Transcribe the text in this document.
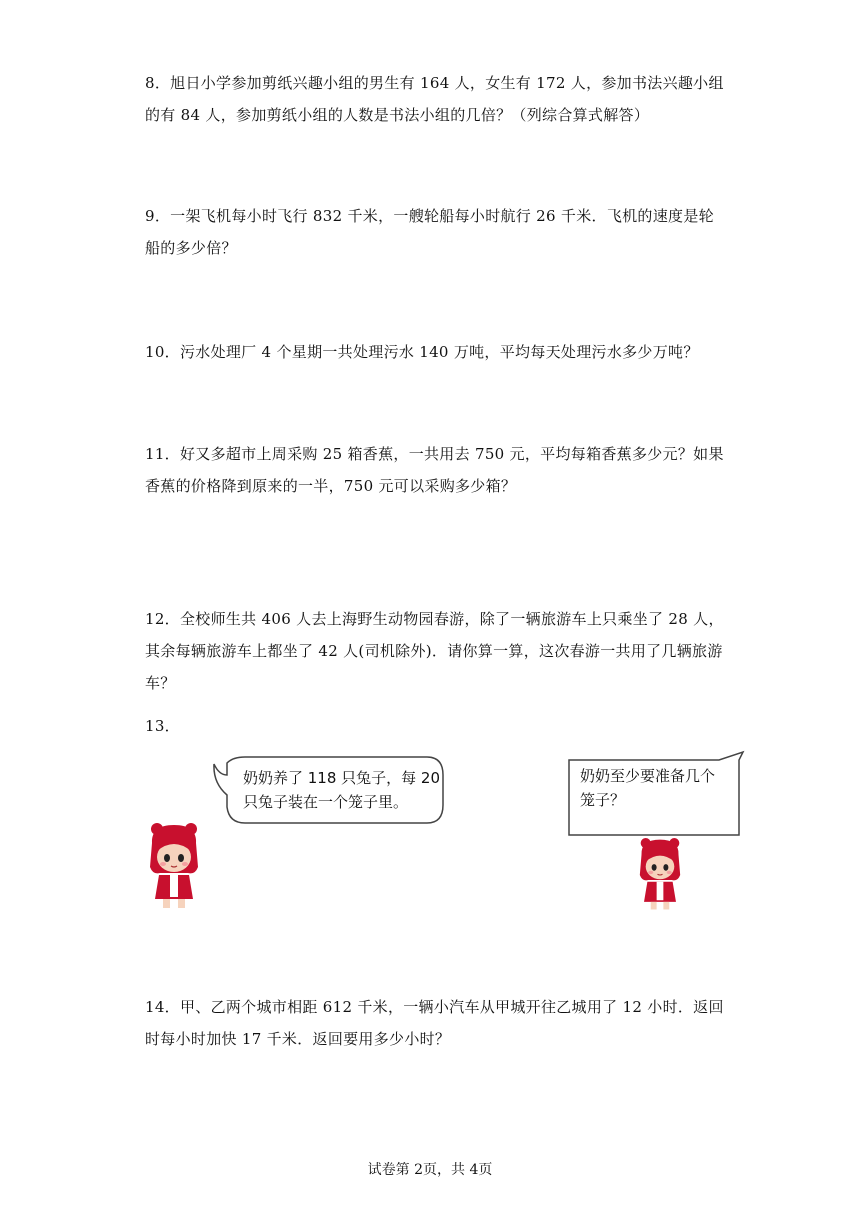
8．旭日小学参加剪纸兴趣小组的男生有 164 人，女生有 172 人，参加书法兴趣小组的有 84 人，参加剪纸小组的人数是书法小组的几倍？（列综合算式解答）
9．一架飞机每小时飞行 832 千米，一艘轮船每小时航行 26 千米．飞机的速度是轮船的多少倍？
10．污水处理厂 4 个星期一共处理污水 140 万吨，平均每天处理污水多少万吨？
11．好又多超市上周采购 25 箱香蕉，一共用去 750 元，平均每箱香蕉多少元？如果香蕉的价格降到原来的一半，750 元可以采购多少箱？
12．全校师生共 406 人去上海野生动物园春游，除了一辆旅游车上只乘坐了 28 人，其余每辆旅游车上都坐了 42 人(司机除外)．请你算一算，这次春游一共用了几辆旅游车？
13．
奶奶养了 118 只兔子，每 20
只兔子装在一个笼子里。
奶奶至少要准备几个
笼子？
14．甲、乙两个城市相距 612 千米，一辆小汽车从甲城开往乙城用了 12 小时．返回时每小时加快 17 千米．返回要用多少小时？
试卷第 2页，共 4页
